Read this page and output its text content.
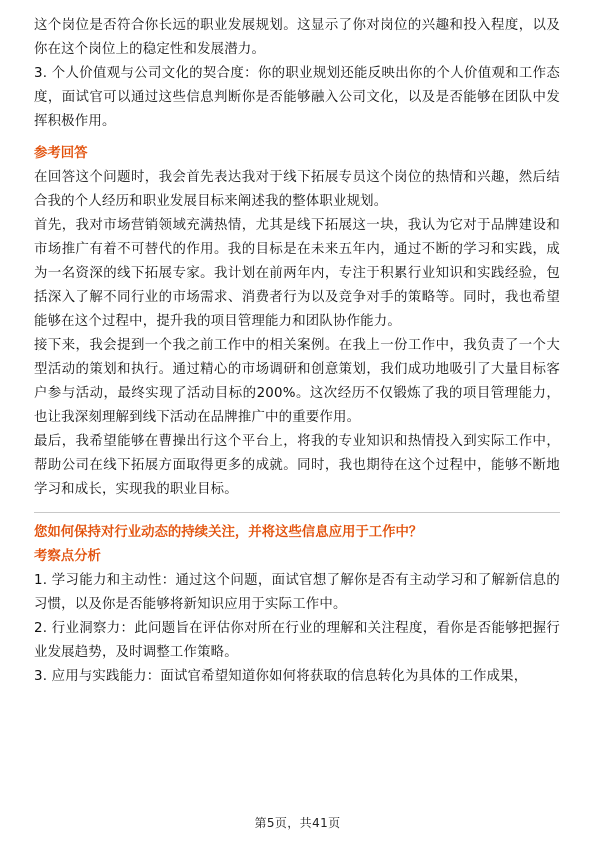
这个岗位是否符合你长远的职业发展规划。这显示了你对岗位的兴趣和投入程度，以及你在这个岗位上的稳定性和发展潜力。

3. 个人价值观与公司文化的契合度：你的职业规划还能反映出你的个人价值观和工作态度，面试官可以通过这些信息判断你是否能够融入公司文化，以及是否能够在团队中发挥积极作用。

参考回答

在回答这个问题时，我会首先表达我对于线下拓展专员这个岗位的热情和兴趣，然后结合我的个人经历和职业发展目标来阐述我的整体职业规划。

首先，我对市场营销领域充满热情，尤其是线下拓展这一块，我认为它对于品牌建设和市场推广有着不可替代的作用。我的目标是在未来五年内，通过不断的学习和实践，成为一名资深的线下拓展专家。我计划在前两年内，专注于积累行业知识和实践经验，包括深入了解不同行业的市场需求、消费者行为以及竞争对手的策略等。同时，我也希望能够在这个过程中，提升我的项目管理能力和团队协作能力。

接下来，我会提到一个我之前工作中的相关案例。在我上一份工作中，我负责了一个大型活动的策划和执行。通过精心的市场调研和创意策划，我们成功地吸引了大量目标客户参与活动，最终实现了活动目标的200%。这次经历不仅锻炼了我的项目管理能力，也让我深刻理解到线下活动在品牌推广中的重要作用。

最后，我希望能够在曹操出行这个平台上，将我的专业知识和热情投入到实际工作中，帮助公司在线下拓展方面取得更多的成就。同时，我也期待在这个过程中，能够不断地学习和成长，实现我的职业目标。

您如何保持对行业动态的持续关注，并将这些信息应用于工作中？
考察点分析

1. 学习能力和主动性：通过这个问题，面试官想了解你是否有主动学习和了解新信息的习惯，以及你是否能够将新知识应用于实际工作中。

2. 行业洞察力：此问题旨在评估你对所在行业的理解和关注程度，看你是否能够把握行业发展趋势，及时调整工作策略。

3. 应用与实践能力：面试官希望知道你如何将获取的信息转化为具体的工作成果，

第5页，共41页
